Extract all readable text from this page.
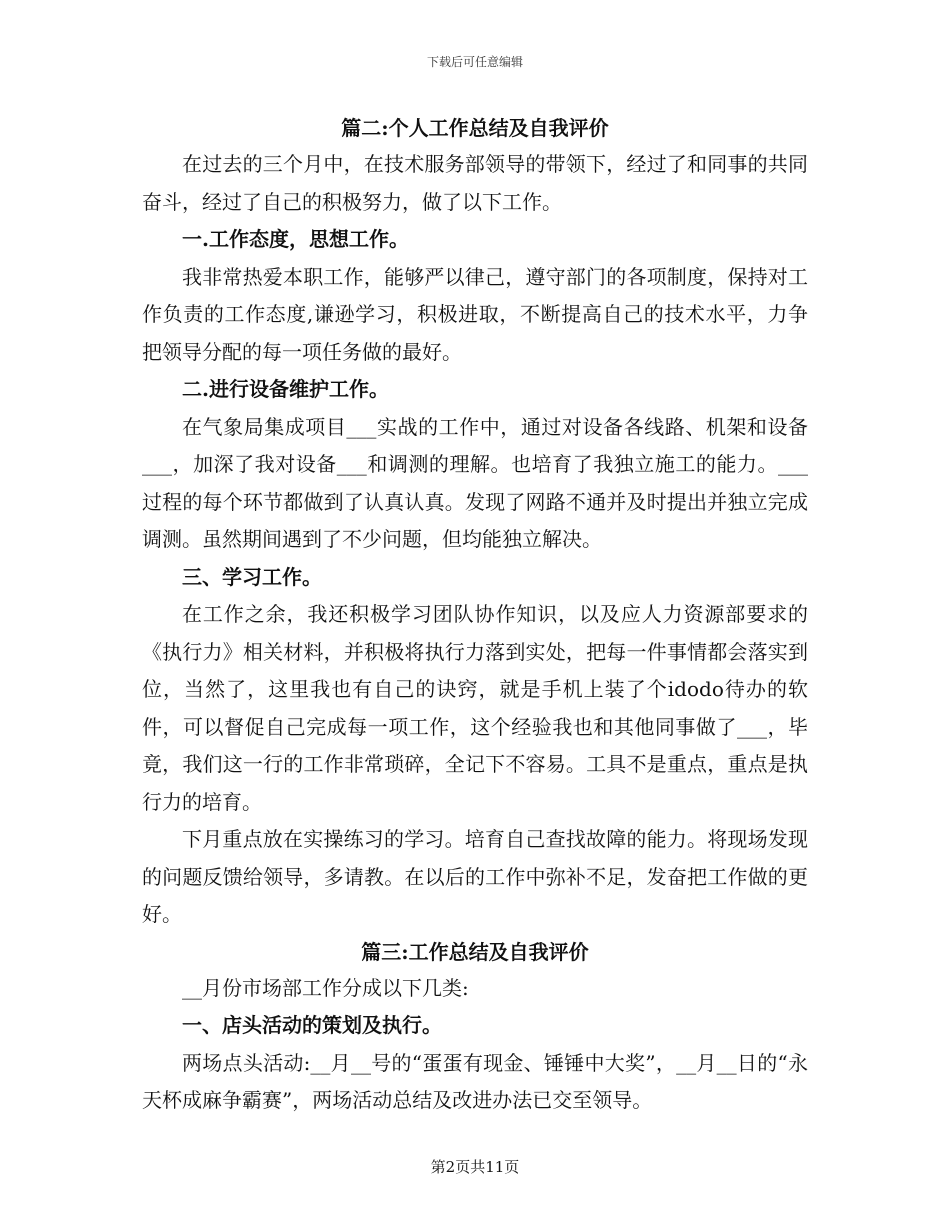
下载后可任意编辑
篇二:个人工作总结及自我评价

在过去的三个月中，在技术服务部领导的带领下，经过了和同事的共同奋斗，经过了自己的积极努力，做了以下工作。

一.工作态度，思想工作。

我非常热爱本职工作，能够严以律己，遵守部门的各项制度，保持对工作负责的工作态度,谦逊学习，积极进取，不断提高自己的技术水平，力争把领导分配的每一项任务做的最好。

二.进行设备维护工作。

在气象局集成项目___实战的工作中，通过对设备各线路、机架和设备___，加深了我对设备___和调测的理解。也培育了我独立施工的能力。___过程的每个环节都做到了认真认真。发现了网路不通并及时提出并独立完成调测。虽然期间遇到了不少问题，但均能独立解决。

三、学习工作。

在工作之余，我还积极学习团队协作知识，以及应人力资源部要求的《执行力》相关材料，并积极将执行力落到实处，把每一件事情都会落实到位，当然了，这里我也有自己的诀窍，就是手机上装了个idodo待办的软件，可以督促自己完成每一项工作，这个经验我也和其他同事做了___，毕竟，我们这一行的工作非常琐碎，全记下不容易。工具不是重点，重点是执行力的培育。

下月重点放在实操练习的学习。培育自己查找故障的能力。将现场发现的问题反馈给领导，多请教。在以后的工作中弥补不足，发奋把工作做的更好。

篇三:工作总结及自我评价

__月份市场部工作分成以下几类:

一、店头活动的策划及执行。

两场点头活动:__月__号的“蛋蛋有现金、锤锤中大奖”，__月__日的“永天杯成麻争霸赛”，两场活动总结及改进办法已交至领导。

第2页共11页
